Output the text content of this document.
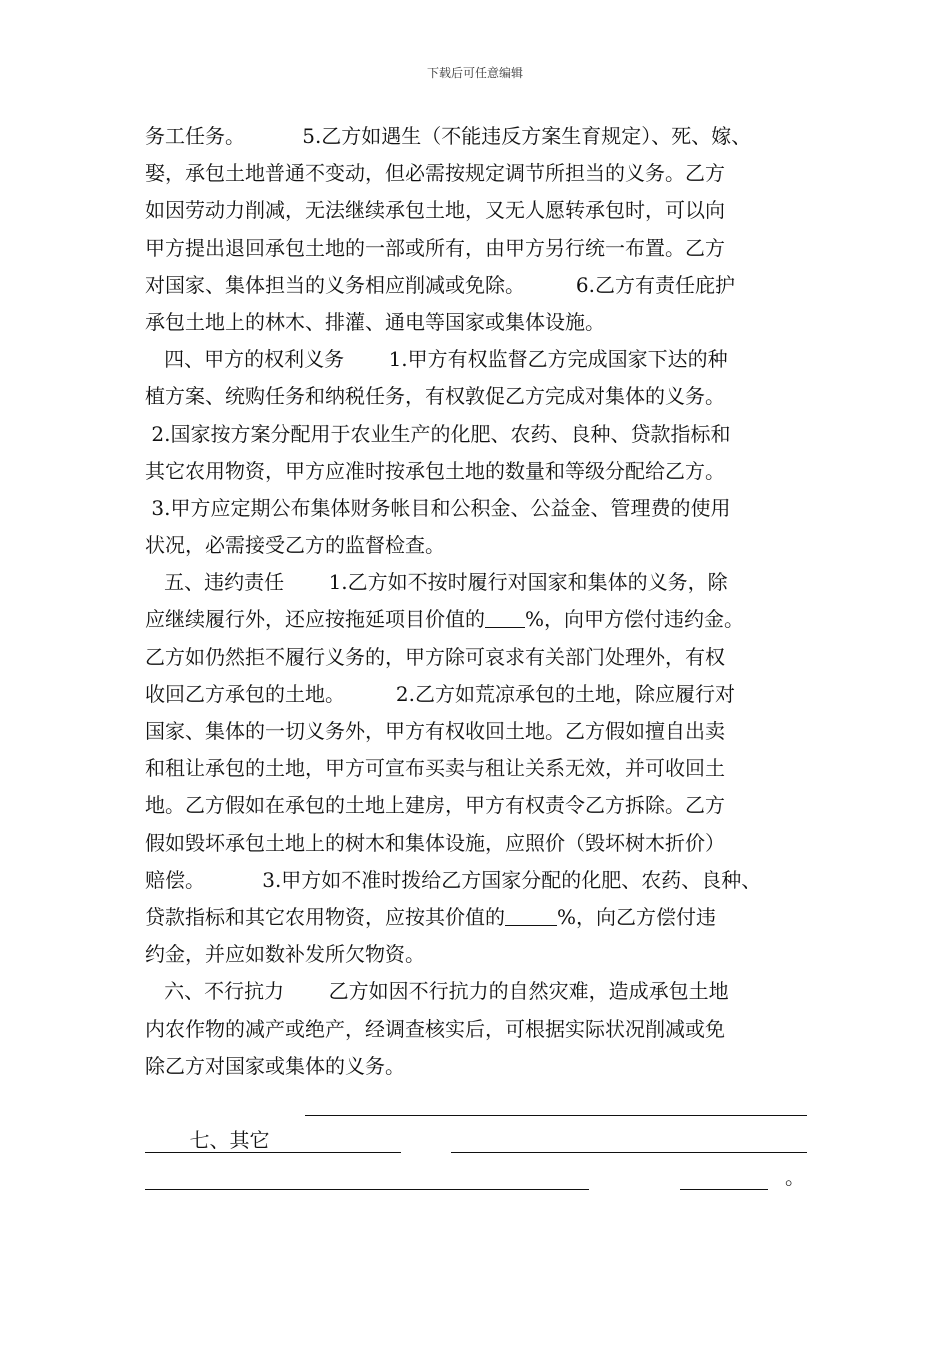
下载后可任意编辑
务工任务。         5.乙方如遇生（不能违反方案生育规定）、死、嫁、
娶，承包土地普通不变动，但必需按规定调节所担当的义务。乙方
如因劳动力削减，无法继续承包土地，又无人愿转承包时，可以向
甲方提出退回承包土地的一部或所有，由甲方另行统一布置。乙方
对国家、集体担当的义务相应削减或免除。        6.乙方有责任庇护
承包土地上的林木、排灌、通电等国家或集体设施。
四、甲方的权利义务       1.甲方有权监督乙方完成国家下达的种
植方案、统购任务和纳税任务，有权敦促乙方完成对集体的义务。
2.国家按方案分配用于农业生产的化肥、农药、良种、贷款指标和
其它农用物资，甲方应准时按承包土地的数量和等级分配给乙方。
3.甲方应定期公布集体财务帐目和公积金、公益金、管理费的使用
状况，必需接受乙方的监督检查。
五、违约责任       1.乙方如不按时履行对国家和集体的义务，除
应继续履行外，还应按拖延项目价值的 %，向甲方偿付违约金。
乙方如仍然拒不履行义务的，甲方除可哀求有关部门处理外，有权
收回乙方承包的土地。        2.乙方如荒凉承包的土地，除应履行对
国家、集体的一切义务外，甲方有权收回土地。乙方假如擅自出卖
和租让承包的土地，甲方可宣布买卖与租让关系无效，并可收回土
地。乙方假如在承包的土地上建房，甲方有权责令乙方拆除。乙方
假如毁坏承包土地上的树木和集体设施，应照价（毁坏树木折价）
赔偿。         3.甲方如不准时拨给乙方国家分配的化肥、农药、良种、
贷款指标和其它农用物资，应按其价值的	%，向乙方偿付违
约金，并应如数补发所欠物资。
六、不行抗力       乙方如因不行抗力的自然灾难，造成承包土地
内农作物的减产或绝产，经调查核实后，可根据实际状况削减或免
除乙方对国家或集体的义务。

七、其它

。
